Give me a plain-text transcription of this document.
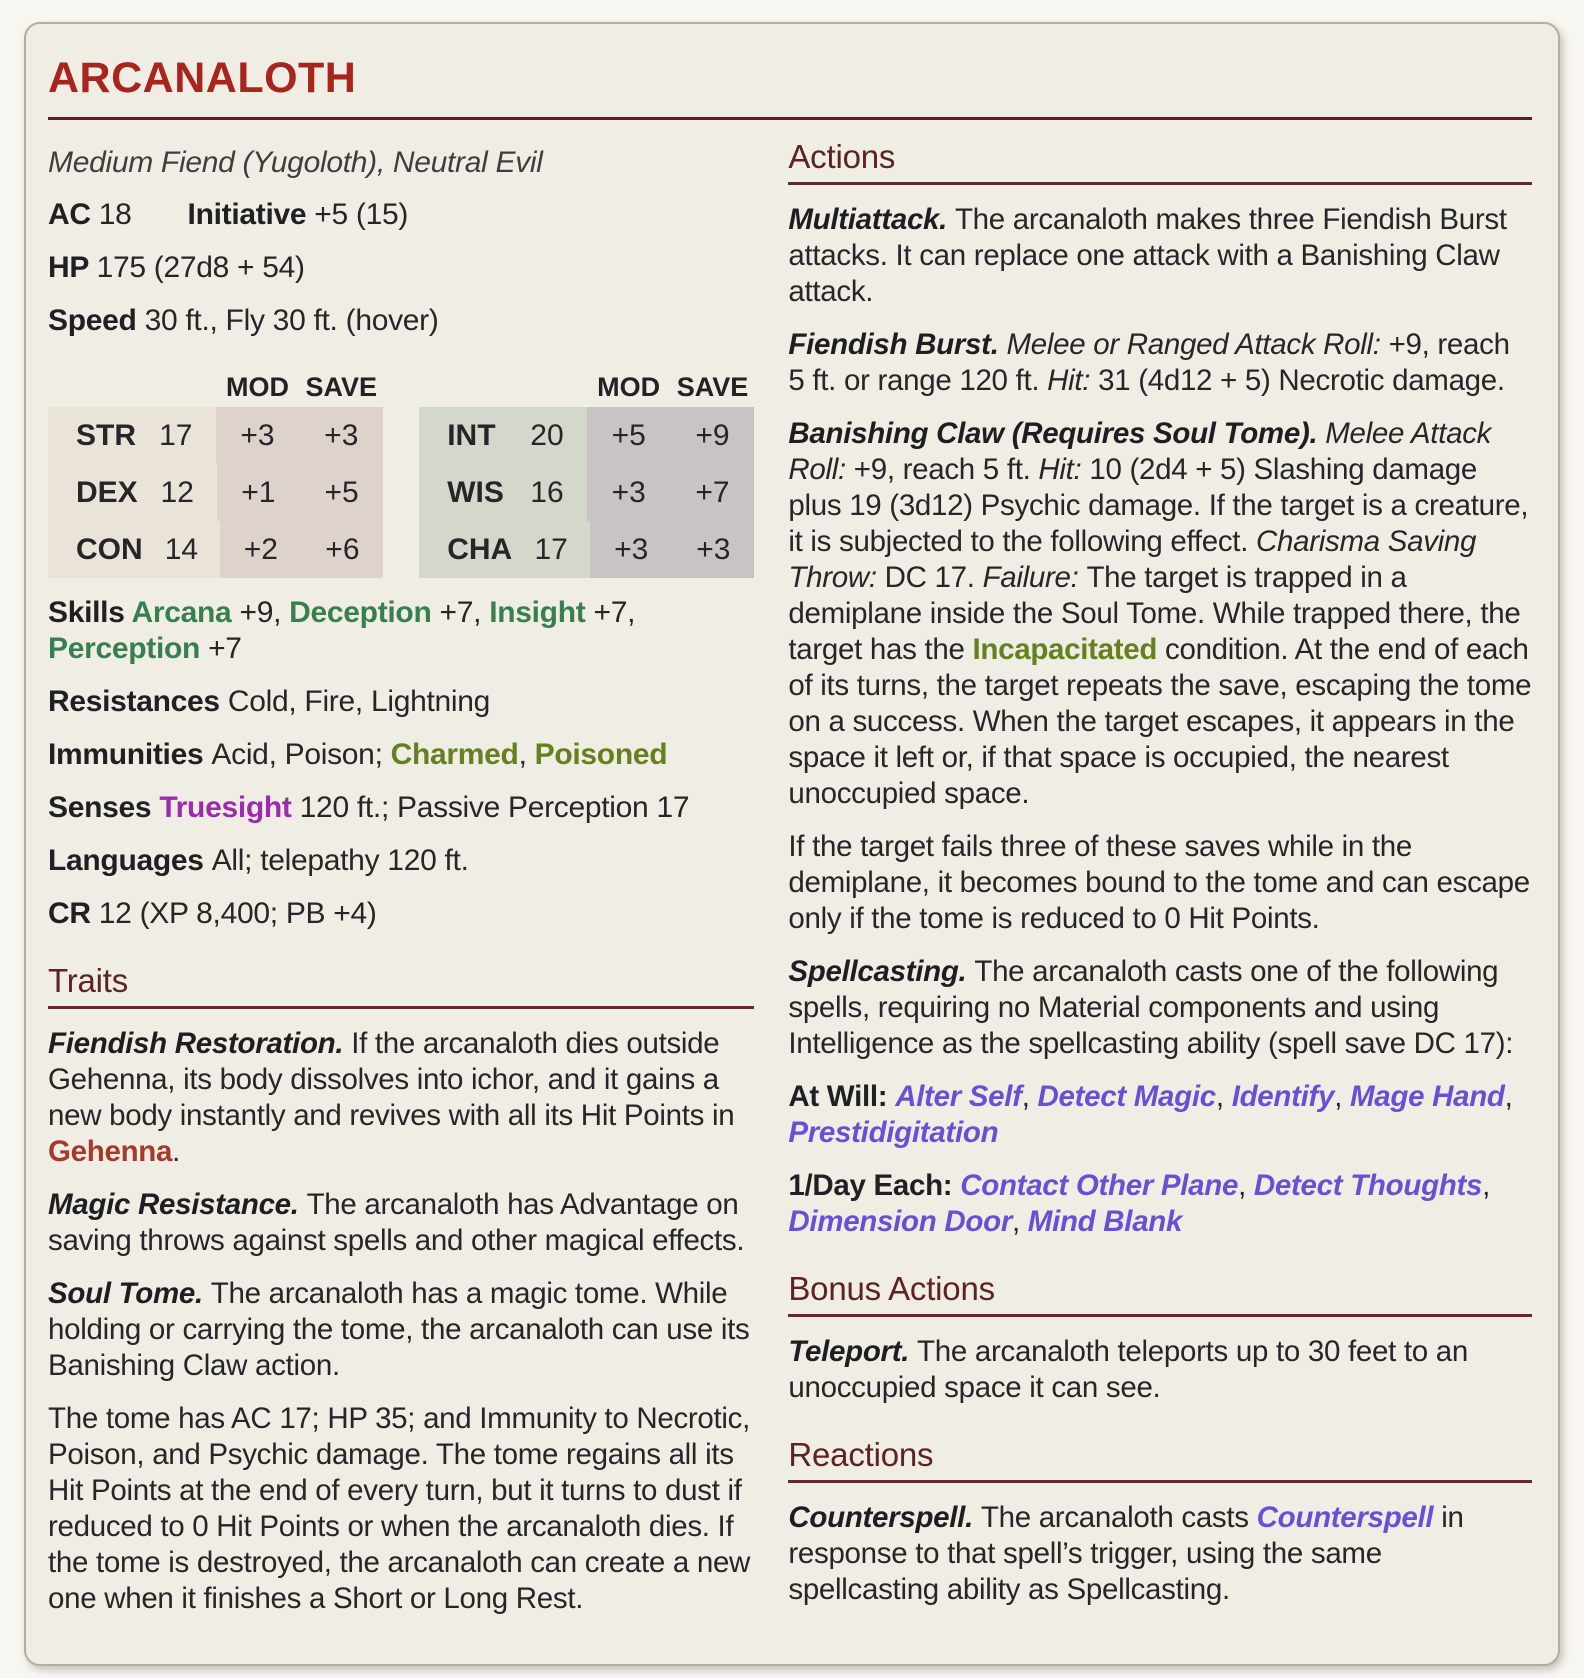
ARCANALOTH

Medium Fiend (Yugoloth), Neutral Evil

AC 18 Initiative +5 (15)

HP 175 (27d8 + 54)

Speed 30 ft., Fly 30 ft. (hover)

MOD SAVE
STR 17	+3	+3
DEX 12	+1	+5
CON 14	+2	+6
MOD SAVE
INT	20	+5	+9
WIS 16	+3	+7
CHA 17	+3	+3

Skills Arcana +9, Deception +7, Insight +7, Perception +7

Resistances Cold, Fire, Lightning

Immunities Acid, Poison; Charmed, Poisoned

Senses Truesight 120 ft.; Passive Perception 17

Languages All; telepathy 120 ft.

CR 12 (XP 8,400; PB +4)

Traits

Fiendish Restoration. If the arcanaloth dies outside Gehenna, its body dissolves into ichor, and it gains a new body instantly and revives with all its Hit Points in Gehenna.

Magic Resistance. The arcanaloth has Advantage on saving throws against spells and other magical effects.

Soul Tome. The arcanaloth has a magic tome. While holding or carrying the tome, the arcanaloth can use its Banishing Claw action.

The tome has AC 17; HP 35; and Immunity to Necrotic, Poison, and Psychic damage. The tome regains all its Hit Points at the end of every turn, but it turns to dust if reduced to 0 Hit Points or when the arcanaloth dies. If the tome is destroyed, the arcanaloth can create a new one when it finishes a Short or Long Rest.

Actions

Multiattack. The arcanaloth makes three Fiendish Burst attacks. It can replace one attack with a Banishing Claw attack.

Fiendish Burst. Melee or Ranged Attack Roll: +9, reach 5 ft. or range 120 ft. Hit: 31 (4d12 + 5) Necrotic damage.

Banishing Claw (Requires Soul Tome). Melee Attack Roll: +9, reach 5 ft. Hit: 10 (2d4 + 5) Slashing damage plus 19 (3d12) Psychic damage. If the target is a creature, it is subjected to the following effect. Charisma Saving Throw: DC 17. Failure: The target is trapped in a demiplane inside the Soul Tome. While trapped there, the target has the Incapacitated condition. At the end of each of its turns, the target repeats the save, escaping the tome on a success. When the target escapes, it appears in the space it left or, if that space is occupied, the nearest unoccupied space.

If the target fails three of these saves while in the demiplane, it becomes bound to the tome and can escape only if the tome is reduced to 0 Hit Points.

Spellcasting. The arcanaloth casts one of the following spells, requiring no Material components and using Intelligence as the spellcasting ability (spell save DC 17):

At Will: Alter Self, Detect Magic, Identify, Mage Hand, Prestidigitation

1/Day Each: Contact Other Plane, Detect Thoughts, Dimension Door, Mind Blank

Bonus Actions

Teleport. The arcanaloth teleports up to 30 feet to an unoccupied space it can see.

Reactions

Counterspell. The arcanaloth casts Counterspell in response to that spell’s trigger, using the same spellcasting ability as Spellcasting.
